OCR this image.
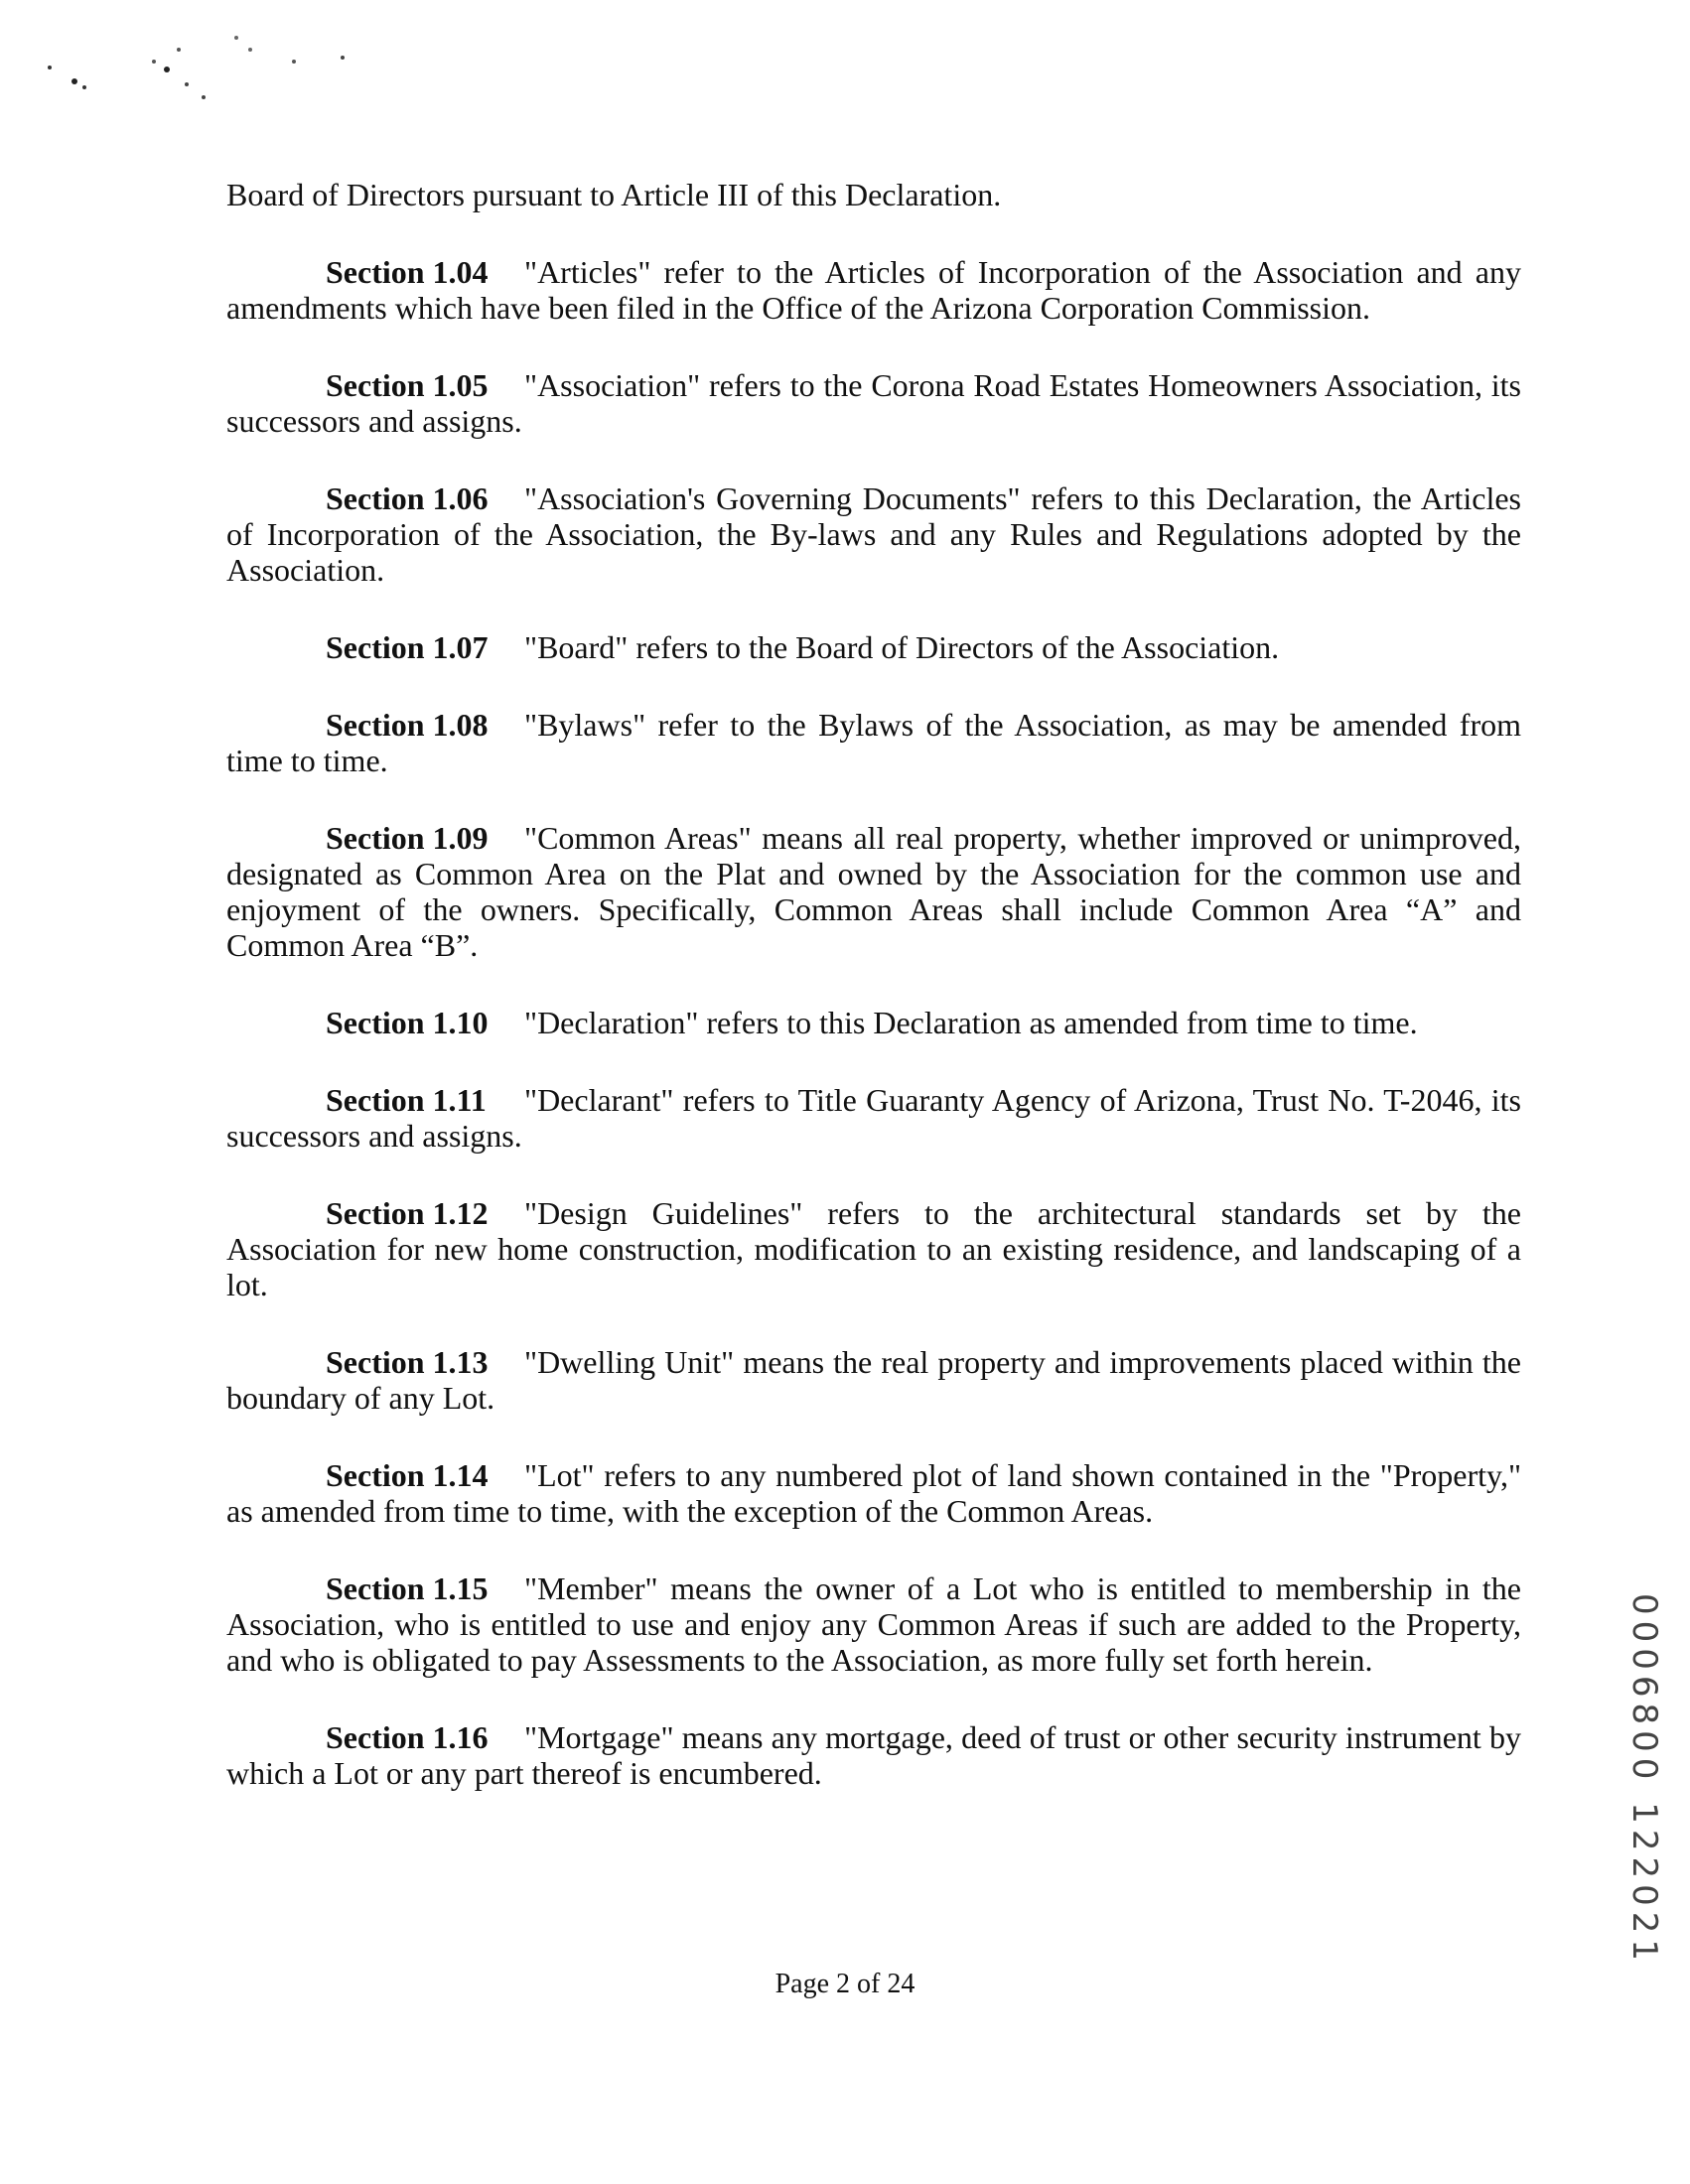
Board of Directors pursuant to Article III of this Declaration.

Section 1.04 "Articles" refer to the Articles of Incorporation of the Association and any amendments which have been filed in the Office of the Arizona Corporation Commission.

Section 1.05 "Association" refers to the Corona Road Estates Homeowners Association, its successors and assigns.

Section 1.06 "Association's Governing Documents" refers to this Declaration, the Articles of Incorporation of the Association, the By-laws and any Rules and Regulations adopted by the Association.

Section 1.07 "Board" refers to the Board of Directors of the Association.

Section 1.08 "Bylaws" refer to the Bylaws of the Association, as may be amended from time to time.

Section 1.09 "Common Areas" means all real property, whether improved or unimproved, designated as Common Area on the Plat and owned by the Association for the common use and enjoyment of the owners. Specifically, Common Areas shall include Common Area “A” and Common Area “B”.

Section 1.10 "Declaration" refers to this Declaration as amended from time to time.

Section 1.11 "Declarant" refers to Title Guaranty Agency of Arizona, Trust No. T-2046, its successors and assigns.

Section 1.12 "Design Guidelines" refers to the architectural standards set by the Association for new home construction, modification to an existing residence, and landscaping of a lot.

Section 1.13 "Dwelling Unit" means the real property and improvements placed within the boundary of any Lot.

Section 1.14 "Lot" refers to any numbered plot of land shown contained in the "Property," as amended from time to time, with the exception of the Common Areas.

Section 1.15 "Member" means the owner of a Lot who is entitled to membership in the Association, who is entitled to use and enjoy any Common Areas if such are added to the Property, and who is obligated to pay Assessments to the Association, as more fully set forth herein.

Section 1.16 "Mortgage" means any mortgage, deed of trust or other security instrument by which a Lot or any part thereof is encumbered.

Page 2 of 24
0006800 122021
